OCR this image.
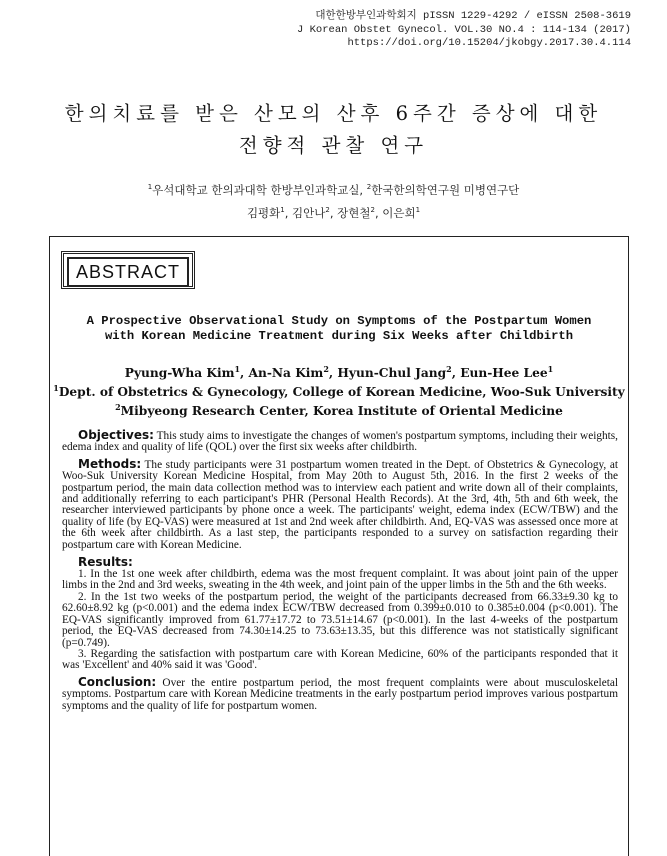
대한한방부인과학회지 pISSN 1229-4292 / eISSN 2508-3619
J Korean Obstet Gynecol. VOL.30 NO.4 : 114-134 (2017)
https://doi.org/10.15204/jkobgy.2017.30.4.114
한의치료를 받은 산모의 산후 6주간 증상에 대한
전향적 관찰 연구
$^1$우석대학교 한의과대학 한방부인과학교실, $^2$한국한의학연구원 미병연구단
김평화$^1$, 김안나$^2$, 장현철$^2$, 이은희$^1$
ABSTRACT
A Prospective Observational Study on Symptoms of the Postpartum Women
with Korean Medicine Treatment during Six Weeks after Childbirth
Pyung-Wha Kim$^1$, An-Na Kim$^2$, Hyun-Chul Jang$^2$, Eun-Hee Lee$^1$
$^1$Dept. of Obstetrics & Gynecology, College of Korean Medicine, Woo-Suk University
$^2$Mibyeong Research Center, Korea Institute of Oriental Medicine

Objectives: This study aims to investigate the changes of women's postpartum symptoms, including their weights, edema index and quality of life (QOL) over the first six weeks after childbirth.

Methods: The study participants were 31 postpartum women treated in the Dept. of Obstetrics & Gynecology, at Woo-Suk University Korean Medicine Hospital, from May 20th to August 5th, 2016. In the first 2 weeks of the postpartum period, the main data collection method was to interview each patient and write down all of their complaints, and additionally referring to each participant's PHR (Personal Health Records). At the 3rd, 4th, 5th and 6th week, the researcher interviewed participants by phone once a week. The participants' weight, edema index (ECW/TBW) and the quality of life (by EQ-VAS) were measured at 1st and 2nd week after childbirth. And, EQ-VAS was assessed once more at the 6th week after childbirth. As a last step, the participants responded to a survey on satisfaction regarding their postpartum care with Korean Medicine.

Results:

1. In the 1st one week after childbirth, edema was the most frequent complaint. It was about joint pain of the upper limbs in the 2nd and 3rd weeks, sweating in the 4th week, and joint pain of the upper limbs in the 5th and the 6th weeks.

2. In the 1st two weeks of the postpartum period, the weight of the participants decreased from 66.33±9.30 kg to 62.60±8.92 kg (p<0.001) and the edema index ECW/TBW decreased from 0.399±0.010 to 0.385±0.004 (p<0.001). The EQ-VAS significantly improved from 61.77±17.72 to 73.51±14.67 (p<0.001). In the last 4-weeks of the postpartum period, the EQ-VAS decreased from 74.30±14.25 to 73.63±13.35, but this difference was not statistically significant (p=0.749).

3. Regarding the satisfaction with postpartum care with Korean Medicine, 60% of the participants responded that it was 'Excellent' and 40% said it was 'Good'.

Conclusion: Over the entire postpartum period, the most frequent complaints were about musculoskeletal symptoms. Postpartum care with Korean Medicine treatments in the early postpartum period improves various postpartum symptoms and the quality of life for postpartum women.
